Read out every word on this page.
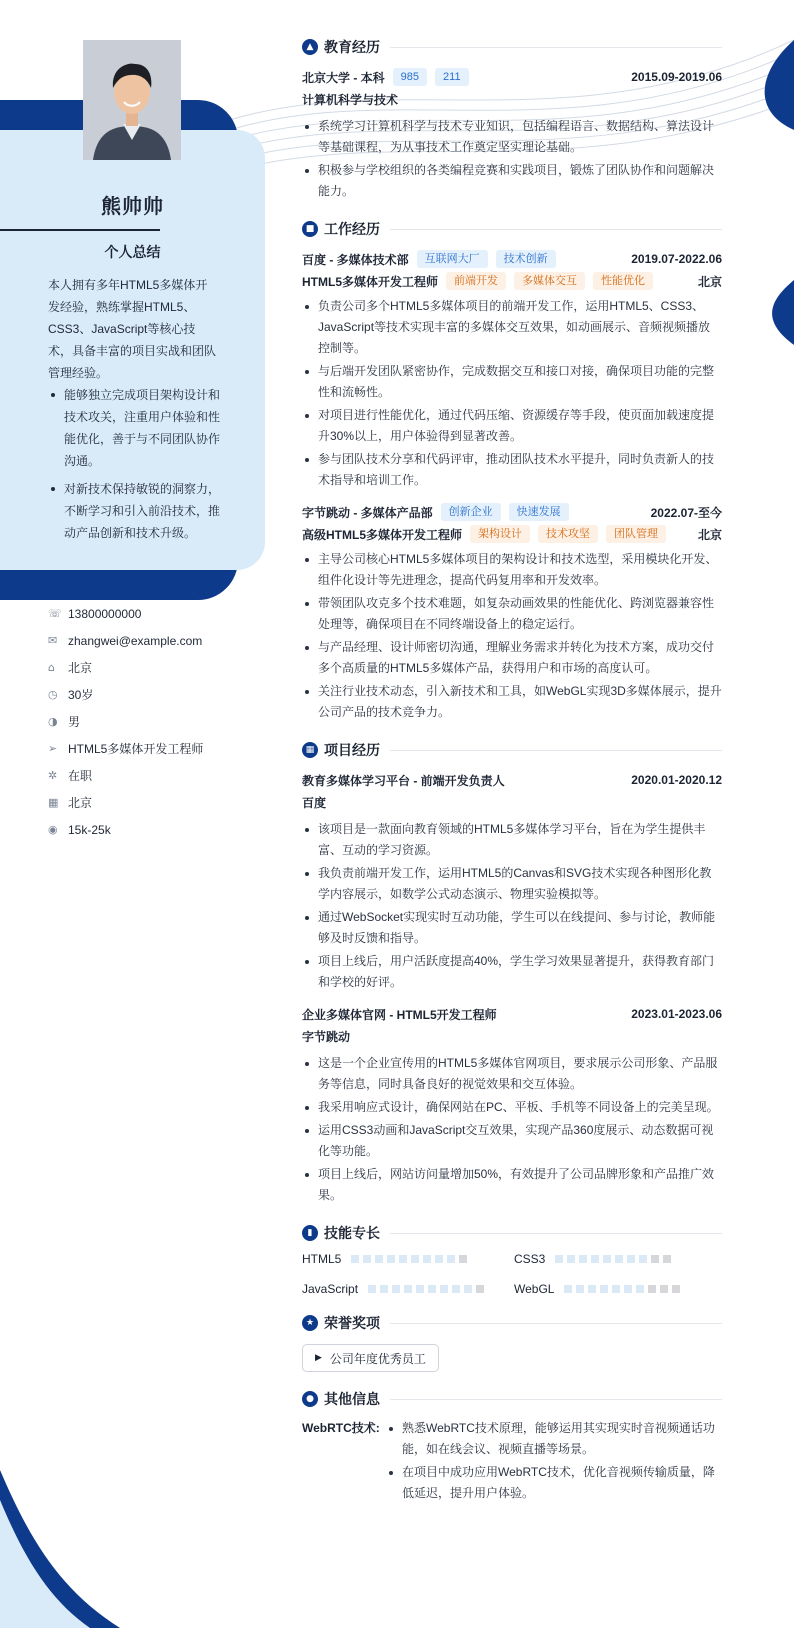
熊帅帅
个人总结
本人拥有多年HTML5多媒体开发经验，熟练掌握HTML5、CSS3、JavaScript等核心技术，具备丰富的项目实战和团队管理经验。
能够独立完成项目架构设计和技术攻关，注重用户体验和性能优化，善于与不同团队协作沟通。
对新技术保持敏锐的洞察力，不断学习和引入前沿技术，推动产品创新和技术升级。
☏ 13800000000
✉ zhangwei@example.com
⌂	北京
◷ 30岁
◑ 男
➢ HTML5多媒体开发工程师
✲ 在职
▦ 北京
◉ 15k-25k
▲ 教育经历
北京大学 - 本科	985	211	2015.09-2019.06
计算机科学与技术
系统学习计算机科学与技术专业知识，包括编程语言、数据结构、算法设计等基础课程，为从事技术工作奠定坚实理论基础。
积极参与学校组织的各类编程竞赛和实践项目，锻炼了团队协作和问题解决能力。
■ 工作经历
百度 - 多媒体技术部	互联网大厂	技术创新	2019.07-2022.06
HTML5多媒体开发工程师	前端开发	多媒体交互	性能优化	北京
负责公司多个HTML5多媒体项目的前端开发工作，运用HTML5、CSS3、JavaScript等技术实现丰富的多媒体交互效果，如动画展示、音频视频播放控制等。
与后端开发团队紧密协作，完成数据交互和接口对接，确保项目功能的完整性和流畅性。
对项目进行性能优化，通过代码压缩、资源缓存等手段，使页面加载速度提升30%以上，用户体验得到显著改善。
参与团队技术分享和代码评审，推动团队技术水平提升，同时负责新人的技术指导和培训工作。
字节跳动 - 多媒体产品部	创新企业	快速发展	2022.07-至今
高级HTML5多媒体开发工程师	架构设计	技术攻坚	团队管理	北京
主导公司核心HTML5多媒体项目的架构设计和技术选型，采用模块化开发、组件化设计等先进理念，提高代码复用率和开发效率。
带领团队攻克多个技术难题，如复杂动画效果的性能优化、跨浏览器兼容性处理等，确保项目在不同终端设备上的稳定运行。
与产品经理、设计师密切沟通，理解业务需求并转化为技术方案，成功交付多个高质量的HTML5多媒体产品，获得用户和市场的高度认可。
关注行业技术动态，引入新技术和工具，如WebGL实现3D多媒体展示，提升公司产品的技术竞争力。
▦ 项目经历
教育多媒体学习平台 - 前端开发负责人	2020.01-2020.12
百度
该项目是一款面向教育领域的HTML5多媒体学习平台，旨在为学生提供丰富、互动的学习资源。
我负责前端开发工作，运用HTML5的Canvas和SVG技术实现各种图形化教学内容展示，如数学公式动态演示、物理实验模拟等。
通过WebSocket实现实时互动功能，学生可以在线提问、参与讨论，教师能够及时反馈和指导。
项目上线后，用户活跃度提高40%，学生学习效果显著提升，获得教育部门和学校的好评。
企业多媒体官网 - HTML5开发工程师	2023.01-2023.06
字节跳动
这是一个企业宣传用的HTML5多媒体官网项目，要求展示公司形象、产品服务等信息，同时具备良好的视觉效果和交互体验。
我采用响应式设计，确保网站在PC、平板、手机等不同设备上的完美呈现。
运用CSS3动画和JavaScript交互效果，实现产品360度展示、动态数据可视化等功能。
项目上线后，网站访问量增加50%，有效提升了公司品牌形象和产品推广效果。
▮ 技能专长
HTML5	CSS3
JavaScript	WebGL
★ 荣誉奖项
▶ 公司年度优秀员工
● 其他信息
WebRTC技术:	熟悉WebRTC技术原理，能够运用其实现实时音视频通话功能，如在线会议、视频直播等场景。
在项目中成功应用WebRTC技术，优化音视频传输质量，降低延迟，提升用户体验。
